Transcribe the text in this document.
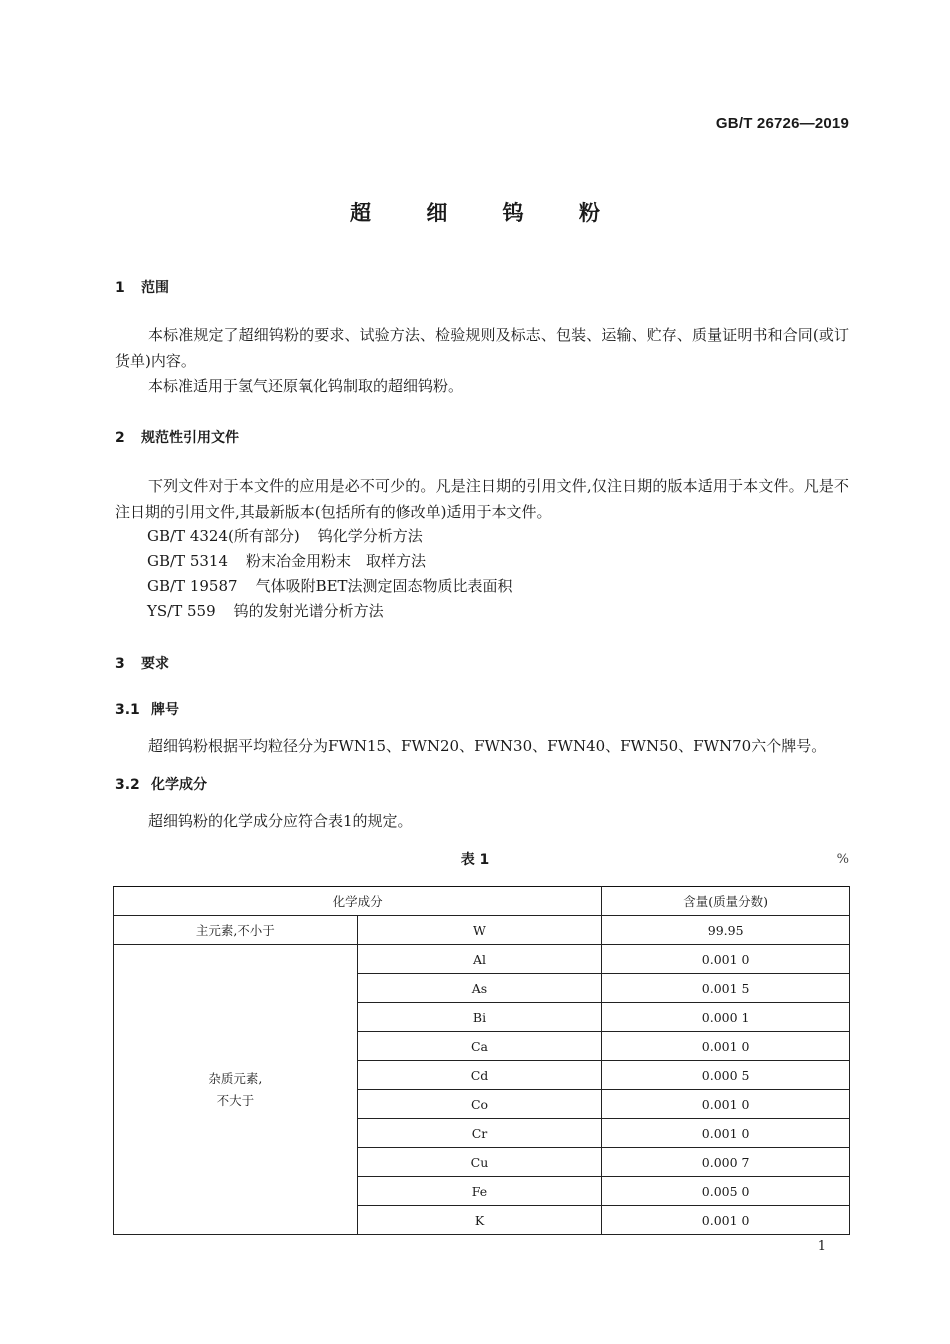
GB/T 26726—2019
超 细 钨 粉
1 范围
本标准规定了超细钨粉的要求、试验方法、检验规则及标志、包装、运输、贮存、质量证明书和合同(或订货单)内容。
本标准适用于氢气还原氧化钨制取的超细钨粉。
2 规范性引用文件
下列文件对于本文件的应用是必不可少的。凡是注日期的引用文件,仅注日期的版本适用于本文件。凡是不注日期的引用文件,其最新版本(包括所有的修改单)适用于本文件。
GB/T 4324(所有部分) 钨化学分析方法
GB/T 5314 粉末冶金用粉末　取样方法
GB/T 19587 气体吸附BET法测定固态物质比表面积
YS/T 559 钨的发射光谱分析方法
3 要求
3.1 牌号
超细钨粉根据平均粒径分为FWN15、FWN20、FWN30、FWN40、FWN50、FWN70六个牌号。
3.2 化学成分
超细钨粉的化学成分应符合表1的规定。
表 1	%
化学成分		含量(质量分数)
主元素,不小于	W	99.95
杂质元素,
不大于	Al	0.001 0
	As	0.001 5
	Bi	0.000 1
	Ca	0.001 0
	Cd	0.000 5
	Co	0.001 0
	Cr	0.001 0
	Cu	0.000 7
	Fe	0.005 0
	K	0.001 0
1
